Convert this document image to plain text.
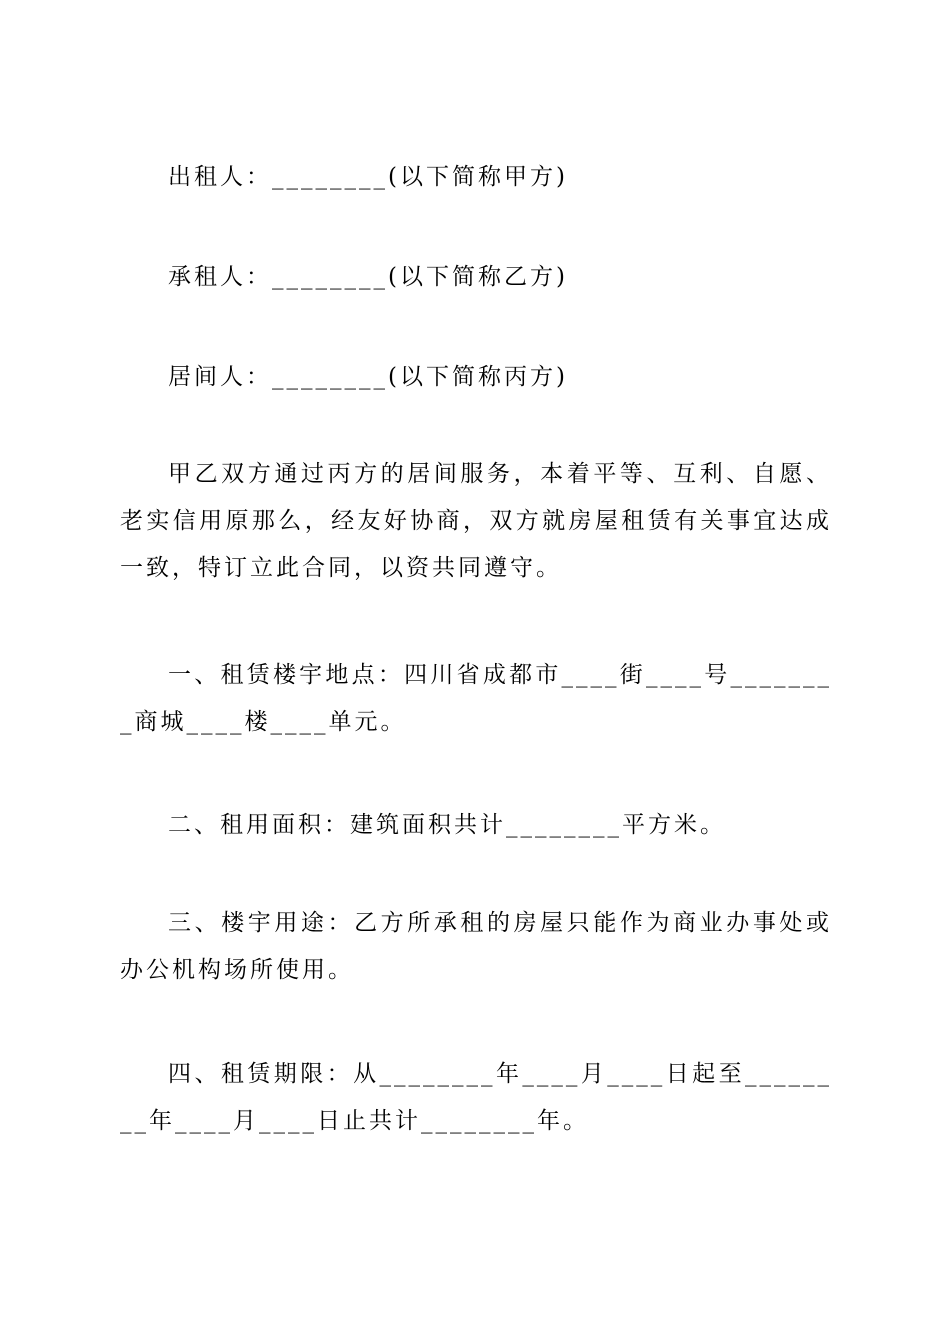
出租人：________(以下简称甲方)

承租人：________(以下简称乙方)

居间人：________(以下简称丙方)

甲乙双方通过丙方的居间服务，本着平等、互利、自愿、老实信用原那么，经友好协商，双方就房屋租赁有关事宜达成一致，特订立此合同，以资共同遵守。

一、租赁楼宇地点：四川省成都市____街____号________商城____楼____单元。

二、租用面积：建筑面积共计________平方米。

三、楼宇用途：乙方所承租的房屋只能作为商业办事处或办公机构场所使用。

四、租赁期限：从________年____月____日起至________年____月____日止共计________年。
